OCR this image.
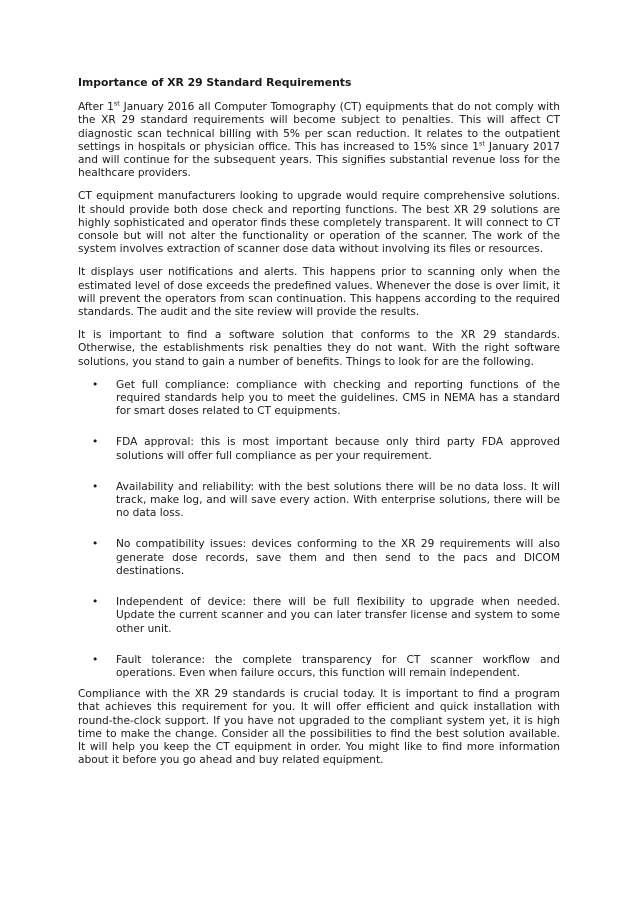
Importance of XR 29 Standard Requirements

After 1st January 2016 all Computer Tomography (CT) equipments that do not comply with the XR 29 standard requirements will become subject to penalties. This will affect CT diagnostic scan technical billing with 5% per scan reduction. It relates to the outpatient settings in hospitals or physician office. This has increased to 15% since 1st January 2017 and will continue for the subsequent years. This signifies substantial revenue loss for the healthcare providers.

CT equipment manufacturers looking to upgrade would require comprehensive solutions. It should provide both dose check and reporting functions. The best XR 29 solutions are highly sophisticated and operator finds these completely transparent. It will connect to CT console but will not alter the functionality or operation of the scanner. The work of the system involves extraction of scanner dose data without involving its files or resources.

It displays user notifications and alerts. This happens prior to scanning only when the estimated level of dose exceeds the predefined values. Whenever the dose is over limit, it will prevent the operators from scan continuation. This happens according to the required standards. The audit and the site review will provide the results.

It is important to find a software solution that conforms to the XR 29 standards. Otherwise, the establishments risk penalties they do not want. With the right software solutions, you stand to gain a number of benefits. Things to look for are the following.

• Get full compliance: compliance with checking and reporting functions of the required standards help you to meet the guidelines. CMS in NEMA has a standard for smart doses related to CT equipments.
• FDA approval: this is most important because only third party FDA approved solutions will offer full compliance as per your requirement.
• Availability and reliability: with the best solutions there will be no data loss. It will track, make log, and will save every action. With enterprise solutions, there will be no data loss.
• No compatibility issues: devices conforming to the XR 29 requirements will also generate dose records, save them and then send to the pacs and DICOM destinations.
• Independent of device: there will be full flexibility to upgrade when needed. Update the current scanner and you can later transfer license and system to some other unit.
• Fault tolerance: the complete transparency for CT scanner workflow and operations. Even when failure occurs, this function will remain independent.

Compliance with the XR 29 standards is crucial today. It is important to find a program that achieves this requirement for you. It will offer efficient and quick installation with round-the-clock support. If you have not upgraded to the compliant system yet, it is high time to make the change. Consider all the possibilities to find the best solution available. It will help you keep the CT equipment in order. You might like to find more information about it before you go ahead and buy related equipment.
